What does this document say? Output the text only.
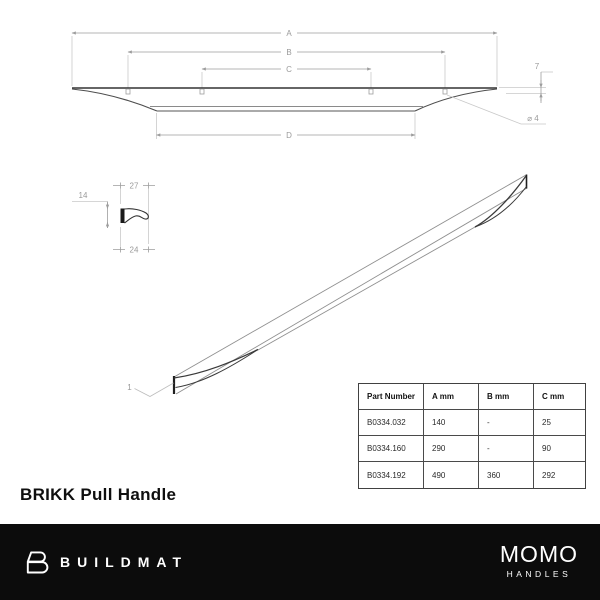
A
B
C
D
7
⌀ 4
27
14
24
1
Part Number	A mm	B mm	C mm
B0334.032	140	-	25
B0334.160	290	-	90
B0334.192	490	360	292
BRIKK Pull Handle
BUILDMAT	MOMO
HANDLES
